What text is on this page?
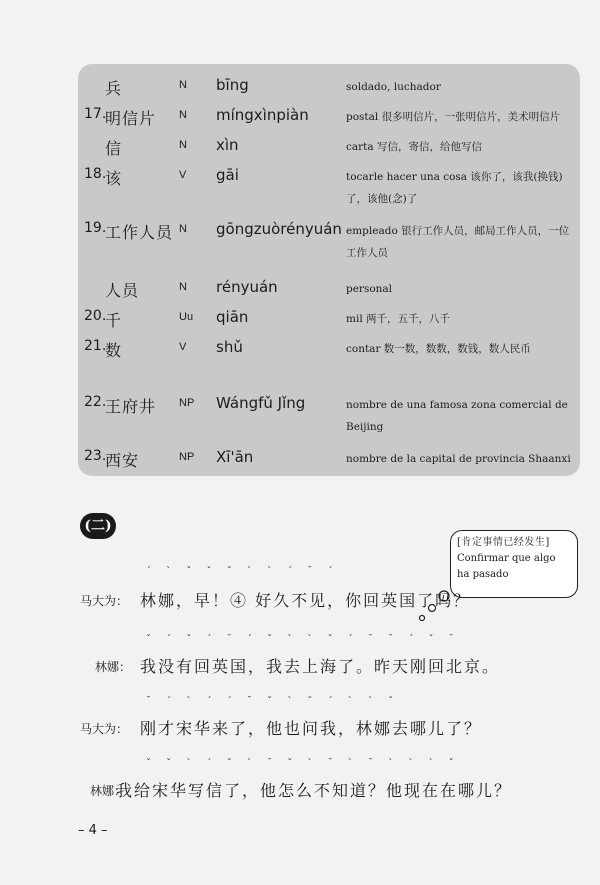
兵	N bīng	soldado, luchador
17.
明信片 N míngxìnpiàn	postal 很多明信片，一张明信片，美术明信片
信	N xìn	carta 写信，寄信，给他写信
18.
该	V gāi	tocarle hacer una cosa 该你了，该我(换钱)了，该他(念)了
19.
工作人员 N gōngzuòrényuán empleado 银行工作人员，邮局工作人员，一位工作人员
人员	N rényuán	personal
20.
千	Uu qiān	mil 两千，五千，八千
21.
数	V shǔ	contar 数一数，数数，数钱，数人民币
22.
王府井 NP Wángfǔ Jǐng	nombre de una famosa zona comercial de Beijing
23.
西安	NP Xī'ān	nombre de la capital de provincia Shaanxi
(二)
[肯定事情已经发生]
Confirmar que algo ha pasado
ˊ ˋ ˇ ˇ ˇ ˋ ˋ ˊ ˉ ˊ
马大为： 林娜，早！④ 好久不见，你回英国了吗？
ˇ ˊ ˇ ˊ ˉ ˊ ˇ ˋ ˋ ˇ ˊ ˉ ˉ ˊ ˇ ˉ
林娜： 我没有回英国，我去上海了。昨天刚回北京。
ˉ ˊ ˋ ˊ ˊ ˉ ˇ ˋ ˇ ˊ ˋ ˋ ˇ
马大为： 刚才宋华来了，他也问我，林娜去哪儿了？
ˇ ˇ ˋ ˊ ˇ ˋ ˉ ˇ ˋ ˉ ˋ ˉ ˋ ˋ ˋ ˇ
林娜：
我给宋华写信了，他怎么不知道？他现在在哪儿？
– 4 –
